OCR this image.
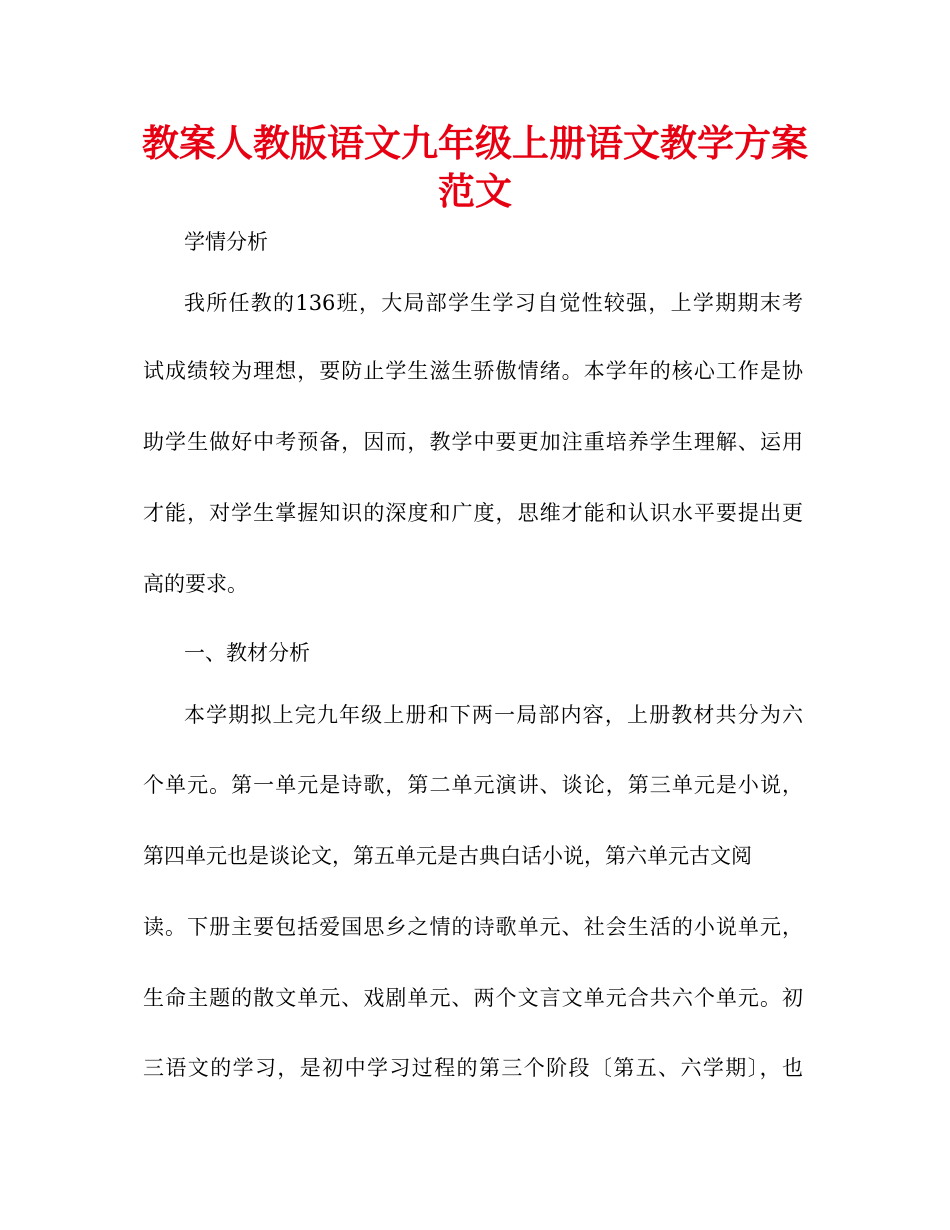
教案人教版语文九年级上册语文教学方案
范文

学情分析

我所任教的136班，大局部学生学习自觉性较强，上学期期末考

试成绩较为理想，要防止学生滋生骄傲情绪。本学年的核心工作是协

助学生做好中考预备，因而，教学中要更加注重培养学生理解、运用

才能，对学生掌握知识的深度和广度，思维才能和认识水平要提出更

高的要求。

一、教材分析

本学期拟上完九年级上册和下两一局部内容，上册教材共分为六

个单元。第一单元是诗歌，第二单元演讲、谈论，第三单元是小说，

第四单元也是谈论文，第五单元是古典白话小说，第六单元古文阅

读。下册主要包括爱国思乡之情的诗歌单元、社会生活的小说单元，

生命主题的散文单元、戏剧单元、两个文言文单元合共六个单元。初

三语文的学习，是初中学习过程的第三个阶段〔第五、六学期〕，也
